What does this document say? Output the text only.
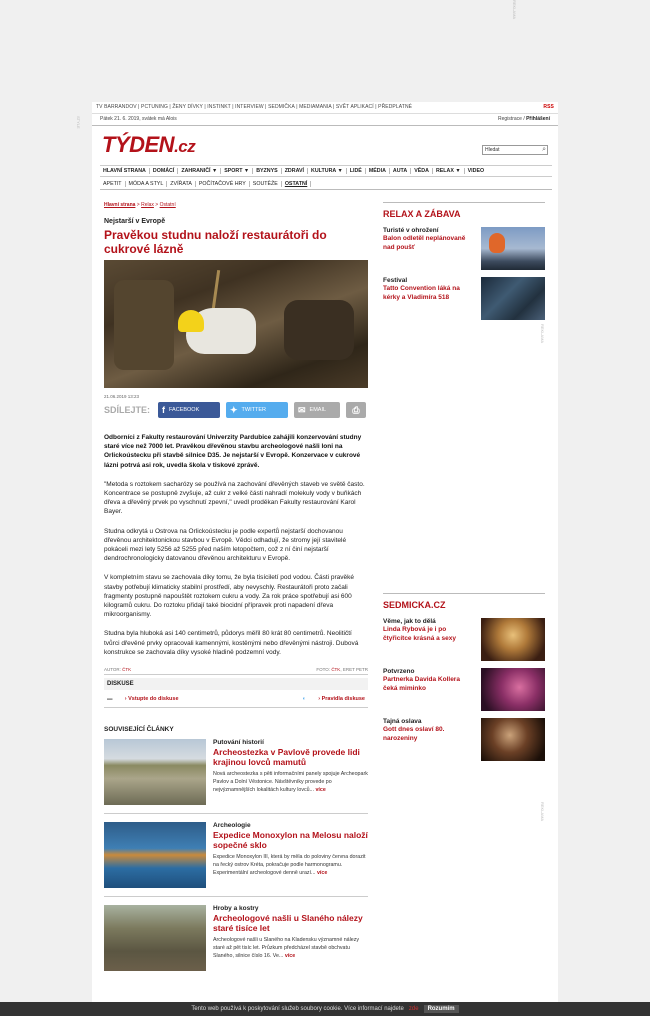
REKLAMA
STYLE
TV BARRANDOV | PCTUNING | ŽENY DÍVKY | INSTINKT | INTERVIEW | SEDMIČKA | MEDIAMANIA | SVĚT APLIKACÍ | PŘEDPLATNÉ	RSS
Pátek 21. 6. 2019, svátek má Alois	Registrace / Přihlášení
TÝDEN.cz	Hledat	⌕
HLAVNÍ STRANA	DOMÁCÍ	ZAHRANIČÍ ▼	SPORT ▼	BYZNYS	ZDRAVÍ	KULTURA ▼	LIDÉ	MÉDIA	AUTA	VĚDA	RELAX ▼	VIDEO
APETIT	MÓDA A STYL	ZVÍŘATA	POČÍTAČOVÉ HRY	SOUTĚŽE	OSTATNÍ
Hlavní strana > Relax > Ostatní
Nejstarší v Evropě
Pravěkou studnu naloží restaurátoři do cukrové lázně
21.06.2019 13:23
SDÍLEJTE: f FACEBOOK	✦ TWITTER	✉ EMAIL	⎙

Odborníci z Fakulty restaurování Univerzity Pardubice zahájili konzervování studny staré více než 7000 let. Pravěkou dřevěnou stavbu archeologové našli loni na Orlickoústecku při stavbě silnice D35. Je nejstarší v Evropě. Konzervace v cukrové lázni potrvá asi rok, uvedla škola v tiskové zprávě.

"Metoda s roztokem sacharózy se používá na zachování dřevěných staveb ve světě často. Koncentrace se postupně zvyšuje, až cukr z velké části nahradí molekuly vody v buňkách dřeva a dřevěný prvek po vyschnutí zpevní," uvedl proděkan Fakulty restaurování Karol Bayer.

Studna odkrytá u Ostrova na Orlickoústecku je podle expertů nejstarší dochovanou dřevěnou architektonickou stavbou v Evropě. Vědci odhadují, že stromy její stavitelé pokáceli mezi lety 5256 až 5255 před naším letopočtem, což z ní činí nejstarší dendrochronologicky datovanou dřevěnou architekturu v Evropě.

V kompletním stavu se zachovala díky tomu, že byla tisíciletí pod vodou. Části pravěké stavby potřebují klimaticky stabilní prostředí, aby nevyschly. Restaurátoři proto začali fragmenty postupně napouštět roztokem cukru a vody. Za rok práce spotřebují asi 600 kilogramů cukru. Do roztoku přidají také biocidní přípravek proti napadení dřeva mikroorganismy.

Studna byla hluboká asi 140 centimetrů, půdorys měřil 80 krát 80 centimetrů. Neolitičtí tvůrci dřevěné prvky opracovali kamennými, kostěnými nebo dřevěnými nástroji. Dubová konstrukce se zachovala díky vysoké hladině podzemní vody.

AUTOR: ČTK	FOTO: ČTK, ERET PETR
DISKUSE
▬        › Vstupte do diskuse	◐        › Pravidla diskuse
SOUVISEJÍCÍ ČLÁNKY
Putování historií
Archeostezka v Pavlově provede lidi krajinou lovců mamutů
Nová archeostezka s pěti informačními panely spojuje Archeopark Pavlov a Dolní Věstonice. Návštěvníky provede po nejvýznamnějších lokalitách kultury lovců... více
Archeologie
Expedice Monoxylon na Melosu naloží sopečné sklo
Expedice Monoxylon III, která by měla do poloviny června dorazit na řecký ostrov Kréta, pokračuje podle harmonogramu. Experimentální archeologové denně urazí... více
Hroby a kostry
Archeologové našli u Slaného nálezy staré tisíce let
Archeologové našli u Slaného na Kladensku významné nálezy staré až pět tisíc let. Průzkum předcházel stavbě obchvatu Slaného, silnice číslo 16. Ve... více
RELAX A ZÁBAVA
Turisté v ohrožení
Balon odletěl neplánovaně nad poušť
Festival
Tatto Convention láká na kérky a Vladimíra 518
SEDMICKA.CZ
Věme, jak to dělá
Linda Rybová je i po čtyřicítce krásná a sexy
Potvrzeno
Partnerka Davida Kollera čeká miminko
Tajná oslava
Gott dnes oslaví 80. narozeniny
REKLAMA
REKLAMA
Tento web používá k poskytování služeb soubory cookie. Více informací najdete zde	Rozumím
